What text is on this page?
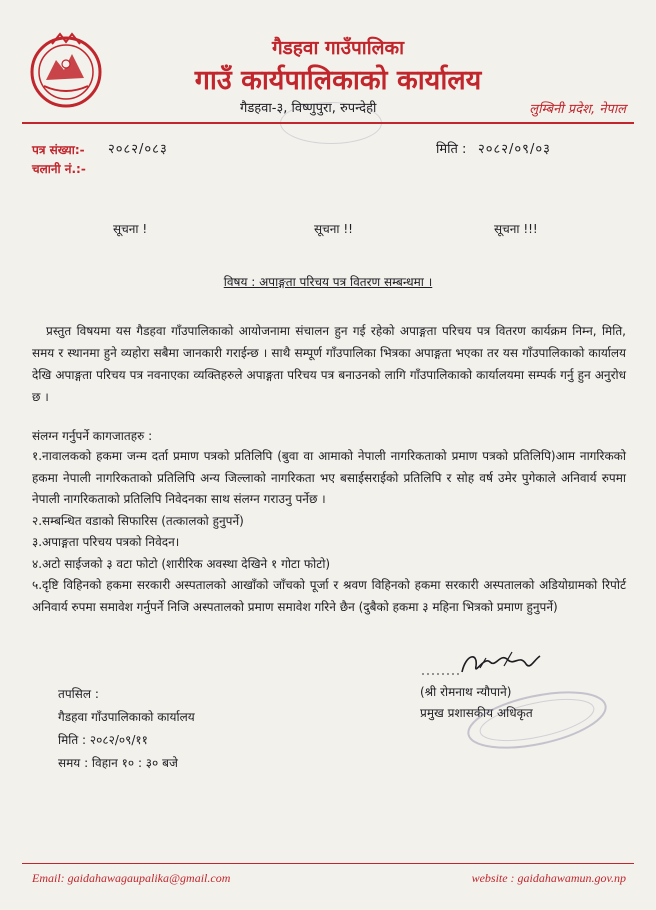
गैडहवा गाउँपालिका
गाउँ कार्यपालिकाको कार्यालय
गैडहवा-३, विष्णुपुरा, रुपन्देही	लुम्बिनी प्रदेश, नेपाल
पत्र संख्या:- २०८२/०८३	मिति : २०८२/०९/०३
चलानी नं.:-
सूचना !	सूचना !!	सूचना !!!
विषय : अपाङ्गता परिचय पत्र वितरण सम्बन्धमा ।
प्रस्तुत विषयमा यस गैडहवा गाँउपालिकाको आयोजनामा संचालन हुन गई रहेको अपाङ्गता परिचय पत्र वितरण कार्यक्रम निम्न, मिति, समय र स्थानमा हुने व्यहोरा सबैमा जानकारी गराईन्छ । साथै सम्पूर्ण गाँउपालिका भित्रका अपाङ्गता भएका तर यस गाँउपालिकाको कार्यालय देखि अपाङ्गता परिचय पत्र नवनाएका व्यक्तिहरुले अपाङ्गता परिचय पत्र बनाउनको लागि गाँउपालिकाको कार्यालयमा सम्पर्क गर्नु हुन अनुरोध छ ।
संलग्न गर्नुपर्ने कागजातहरु :
१.नावालकको हकमा जन्म दर्ता प्रमाण पत्रको प्रतिलिपि (बुवा वा आमाको नेपाली नागरिकताको प्रमाण पत्रको प्रतिलिपि)आम नागरिकको हकमा नेपाली नागरिकताको प्रतिलिपि अन्य जिल्लाको नागरिकता भए बसाईसराईको प्रतिलिपि र सोह वर्ष उमेर पुगेकाले अनिवार्य रुपमा नेपाली नागरिकताको प्रतिलिपि निवेदनका साथ संलग्न गराउनु पर्नेछ ।
२.सम्बन्धित वडाको सिफारिस (तत्कालको हुनुपर्ने)
३.अपाङ्गता परिचय पत्रको निवेदन।
४.अटो साईजको ३ वटा फोटो (शारीरिक अवस्था देखिने १ गोटा फोटो)
५.दृष्टि विहिनको हकमा सरकारी अस्पतालको आखाँको जाँचको पूर्जा र श्रवण विहिनको हकमा सरकारी अस्पतालको अडियोग्रामको रिपोर्ट अनिवार्य रुपमा समावेश गर्नुपर्ने निजि अस्पतालको प्रमाण समावेश गरिने छैन (दुबैको हकमा ३ महिना भित्रको प्रमाण हुनुपर्ने)
तपसिल :
गैडहवा गाँउपालिकाको कार्यालय
मिति : २०८२/०९/११
समय : विहान १० : ३० बजे
(श्री रोमनाथ न्यौपाने)
प्रमुख प्रशासकीय अधिकृत
Email: gaidahawagaupalika@gmail.com	website : gaidahawamun.gov.np
